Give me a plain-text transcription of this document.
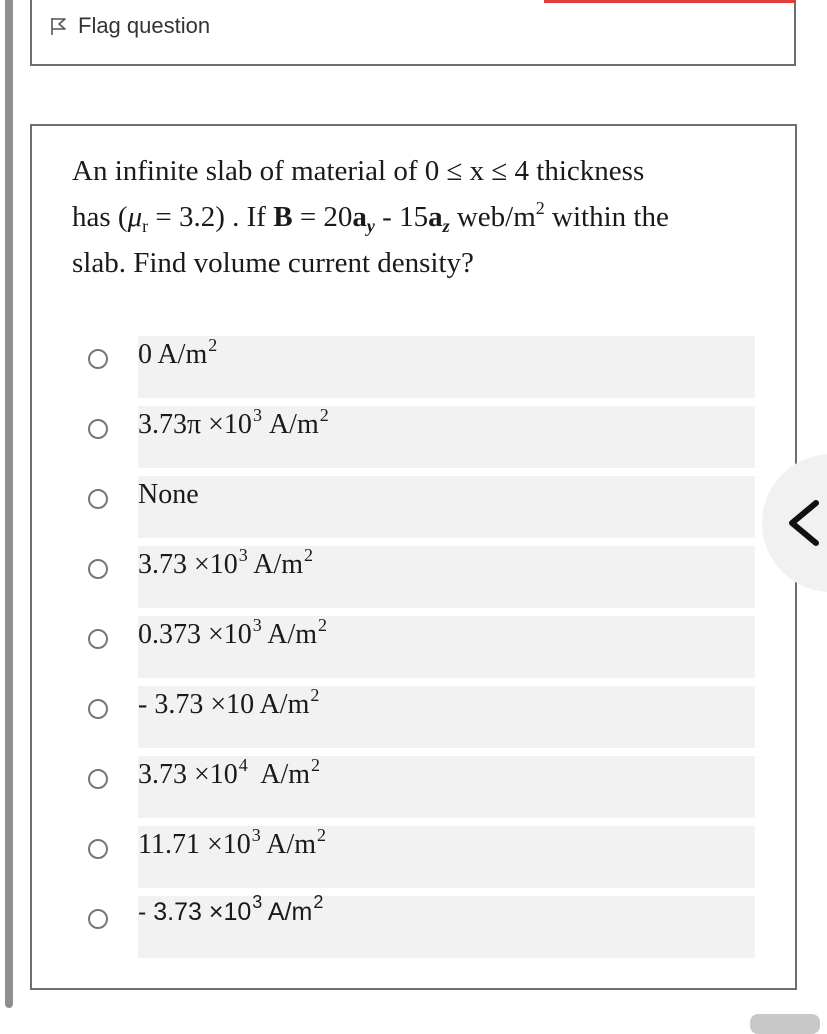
Flag question
An infinite slab of material of 0 ≤ x ≤ 4 thickness
has $(\mu_r = 3.2)$ . If $B = 20a_y - 15a_z$ web/$m^2$ within the
slab. Find volume current density?
0 $A/m^2$
$3.73\pi \times 10^3$ $A/m^2$
None
$3.73 \times 10^3$ $A/m^2$
$0.373 \times 10^3$ $A/m^2$
- 3.73 ×10 $A/m^2$
$3.73 \times 10^4$  $A/m^2$
$11.71 \times 10^3$ $A/m^2$
- $3.73 \times 10^3$ $A/m^2$
